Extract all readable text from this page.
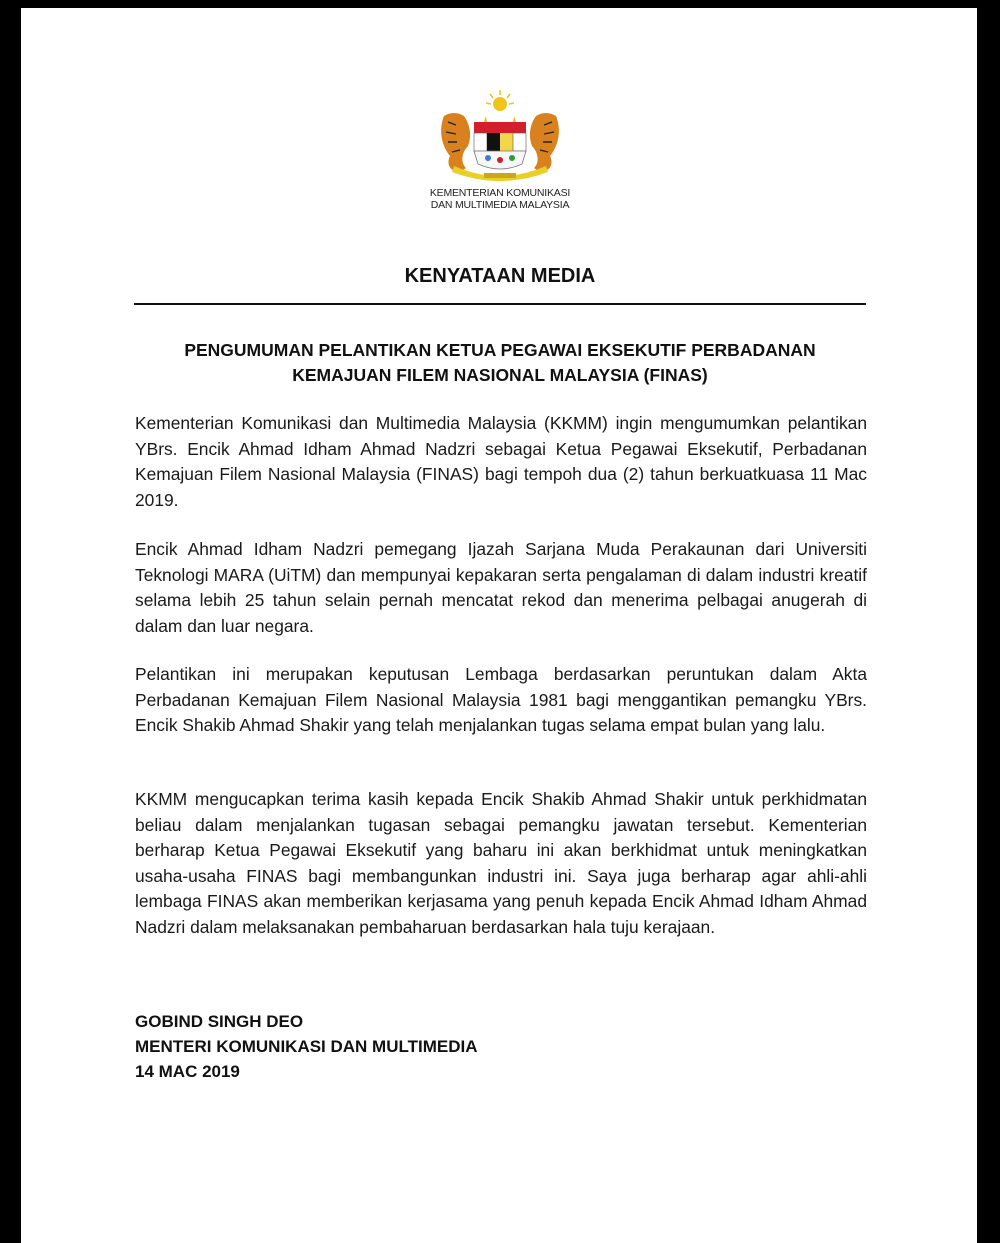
KEMENTERIAN KOMUNIKASI
DAN MULTIMEDIA MALAYSIA
KENYATAAN MEDIA
PENGUMUMAN PELANTIKAN KETUA PEGAWAI EKSEKUTIF PERBADANAN
KEMAJUAN FILEM NASIONAL MALAYSIA (FINAS)
Kementerian Komunikasi dan Multimedia Malaysia (KKMM) ingin mengumumkan pelantikan YBrs. Encik Ahmad Idham Ahmad Nadzri sebagai Ketua Pegawai Eksekutif, Perbadanan Kemajuan Filem Nasional Malaysia (FINAS) bagi tempoh dua (2) tahun berkuatkuasa 11 Mac 2019.
Encik Ahmad Idham Nadzri pemegang Ijazah Sarjana Muda Perakaunan dari Universiti Teknologi MARA (UiTM) dan mempunyai kepakaran serta pengalaman di dalam industri kreatif selama lebih 25 tahun selain pernah mencatat rekod dan menerima pelbagai anugerah di dalam dan luar negara.
Pelantikan ini merupakan keputusan Lembaga berdasarkan peruntukan dalam Akta Perbadanan Kemajuan Filem Nasional Malaysia 1981 bagi menggantikan pemangku YBrs. Encik Shakib Ahmad Shakir yang telah menjalankan tugas selama empat bulan yang lalu.
KKMM mengucapkan terima kasih kepada Encik Shakib Ahmad Shakir untuk perkhidmatan beliau dalam menjalankan tugasan sebagai pemangku jawatan tersebut. Kementerian berharap Ketua Pegawai Eksekutif yang baharu ini akan berkhidmat untuk meningkatkan usaha-usaha FINAS bagi membangunkan industri ini. Saya juga berharap agar ahli-ahli lembaga FINAS akan memberikan kerjasama yang penuh kepada Encik Ahmad Idham Ahmad Nadzri dalam melaksanakan pembaharuan berdasarkan hala tuju kerajaan.
GOBIND SINGH DEO
MENTERI KOMUNIKASI DAN MULTIMEDIA
14 MAC 2019
